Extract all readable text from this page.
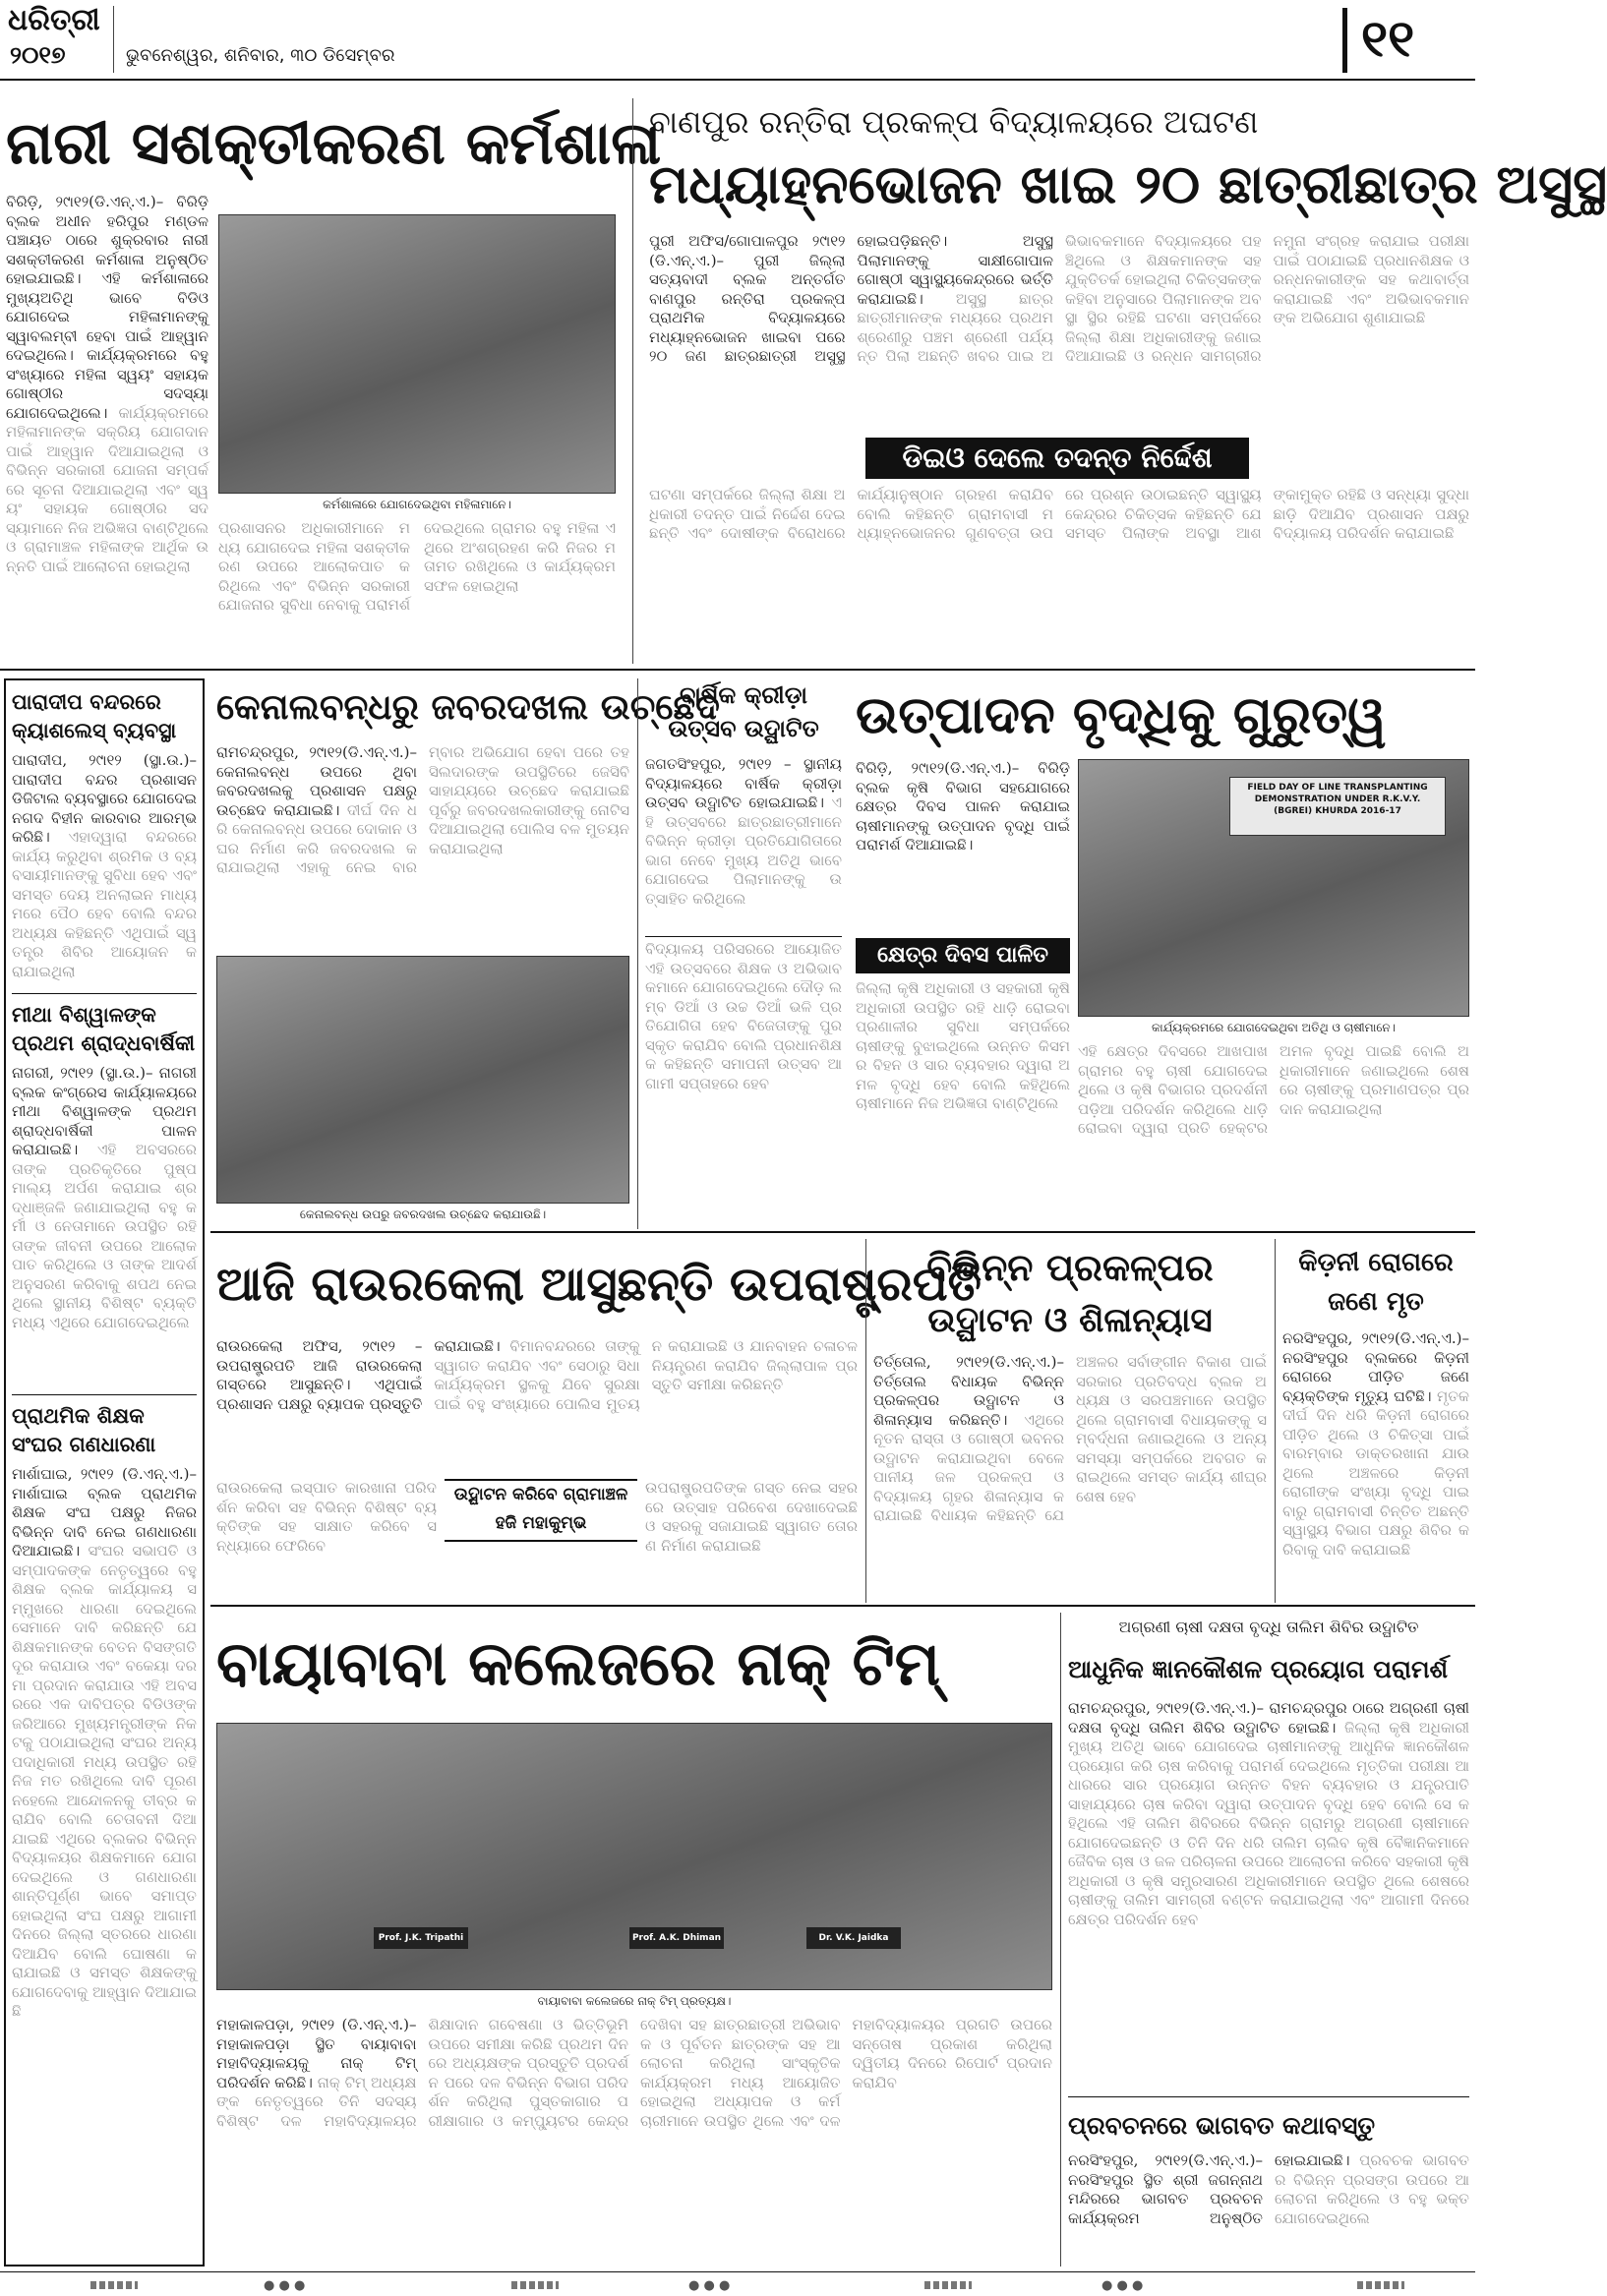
ଧରିତ୍ରୀ
୨୦୧୭	ଭୁବନେଶ୍ୱର, ଶନିବାର, ୩୦ ଡିସେମ୍ବର	୧୧
ନାରୀ ସଶକ୍ତୀକରଣ କର୍ମଶାଳା
ବିରିଡ଼ି, ୨୯ା୧୨(ଡି.ଏନ୍.ଏ.)– ବିରିଡ଼ି ବ୍ଲକ ଅଧୀନ ହରିପୁର ମଣ୍ଡଳ ପଞ୍ଚାୟତ ଠାରେ ଶୁକ୍ରବାର ନାରୀ ସଶକ୍ତୀକରଣ କର୍ମଶାଳା ଅନୁଷ୍ଠିତ ହୋଇଯାଇଛି। ଏହି କର୍ମଶାଳାରେ ମୁଖ୍ୟଅତିଥି ଭାବେ ବିଡିଓ ଯୋଗଦେଇ ମହିଳାମାନଙ୍କୁ ସ୍ୱାବଲମ୍ବୀ ହେବା ପାଇଁ ଆହ୍ୱାନ ଦେଇଥିଲେ। କାର୍ଯ୍ୟକ୍ରମରେ ବହୁ ସଂଖ୍ୟାରେ ମହିଳା ସ୍ୱୟଂ ସହାୟକ ଗୋଷ୍ଠୀର ସଦସ୍ୟା ଯୋଗଦେଇଥିଲେ। କାର୍ଯ୍ୟକ୍ରମରେ ମହିଳାମାନଙ୍କ ସକ୍ରିୟ ଯୋଗଦାନ ପାଇଁ ଆହ୍ୱାନ ଦିଆଯାଇଥିଲା ଓ ବିଭିନ୍ନ ସରକାରୀ ଯୋଜନା ସମ୍ପର୍କରେ ସୂଚନା ଦିଆଯାଇଥିଲା ଏବଂ ସ୍ୱୟଂ ସହାୟକ ଗୋଷ୍ଠୀର ସଦସ୍ୟାମାନେ ନିଜ ଅଭିଜ୍ଞତା ବାଣ୍ଟିଥିଲେ ଓ ଗ୍ରାମାଞ୍ଚଳ ମହିଳାଙ୍କ ଆର୍ଥିକ ଉନ୍ନତି ପାଇଁ ଆଲୋଚନା ହୋଇଥିଲା
କର୍ମଶାଳାରେ ଯୋଗଦେଇଥିବା ମହିଳାମାନେ।
ପ୍ରଶାସନର ଅଧିକାରୀମାନେ ମଧ୍ୟ ଯୋଗଦେଇ ମହିଳା ସଶକ୍ତୀକରଣ ଉପରେ ଆଲୋକପାତ କରିଥିଲେ ଏବଂ ବିଭିନ୍ନ ସରକାରୀ ଯୋଜନାର ସୁବିଧା ନେବାକୁ ପରାମର୍ଶ ଦେଇଥିଲେ ଗ୍ରାମର ବହୁ ମହିଳା ଏଥିରେ ଅଂଶଗ୍ରହଣ କରି ନିଜର ମତାମତ ରଖିଥିଲେ ଓ କାର୍ଯ୍ୟକ୍ରମ ସଫଳ ହୋଇଥିଲା
ବାଣପୁର ରନ୍ତିରା ପ୍ରକଳ୍ପ ବିଦ୍ୟାଳୟରେ ଅଘଟଣ
ମଧ୍ୟାହ୍ନଭୋଜନ ଖାଇ ୨୦ ଛାତ୍ରୀଛାତ୍ର ଅସୁସ୍ଥ
ପୁରୀ ଅଫିସ/ଗୋପାଳପୁର ୨୯ା୧୨ (ଡି.ଏନ୍.ଏ.)– ପୁରୀ ଜିଲ୍ଲା ସତ୍ୟବାଦୀ ବ୍ଲକ ଅନ୍ତର୍ଗତ ବାଣପୁର ରନ୍ତିରା ପ୍ରକଳ୍ପ ପ୍ରାଥମିକ ବିଦ୍ୟାଳୟରେ ମଧ୍ୟାହ୍ନଭୋଜନ ଖାଇବା ପରେ ୨୦ ଜଣ ଛାତ୍ରଛାତ୍ରୀ ଅସୁସ୍ଥ ହୋଇପଡ଼ିଛନ୍ତି। ଅସୁସ୍ଥ ପିଲାମାନଙ୍କୁ ସାକ୍ଷୀଗୋପାଳ ଗୋଷ୍ଠୀ ସ୍ୱାସ୍ଥ୍ୟକେନ୍ଦ୍ରରେ ଭର୍ତ୍ତି କରାଯାଇଛି। ଅସୁସ୍ଥ ଛାତ୍ରଛାତ୍ରୀମାନଙ୍କ ମଧ୍ୟରେ ପ୍ରଥମ ଶ୍ରେଣୀରୁ ପଞ୍ଚମ ଶ୍ରେଣୀ ପର୍ଯ୍ୟନ୍ତ ପିଲା ଅଛନ୍ତି ଖବର ପାଇ ଅଭିଭାବକମାନେ ବିଦ୍ୟାଳୟରେ ପହଞ୍ଚିଥିଲେ ଓ ଶିକ୍ଷକମାନଙ୍କ ସହ ଯୁକ୍ତିତର୍କ ହୋଇଥିଲା ଚିକିତ୍ସକଙ୍କ କହିବା ଅନୁସାରେ ପିଲାମାନଙ୍କ ଅବସ୍ଥା ସ୍ଥିର ରହିଛି ଘଟଣା ସମ୍ପର୍କରେ ଜିଲ୍ଲା ଶିକ୍ଷା ଅଧିକାରୀଙ୍କୁ ଜଣାଇଦିଆଯାଇଛି ଓ ରନ୍ଧନ ସାମଗ୍ରୀର ନମୁନା ସଂଗ୍ରହ କରାଯାଇ ପରୀକ୍ଷା ପାଇଁ ପଠାଯାଇଛି ପ୍ରଧାନଶିକ୍ଷକ ଓ ରନ୍ଧନକାରୀଙ୍କ ସହ କଥାବାର୍ତ୍ତା କରାଯାଇଛି ଏବଂ ଅଭିଭାବକମାନଙ୍କ ଅଭିଯୋଗ ଶୁଣାଯାଇଛି
ଡିଇଓ ଦେଲେ ତଦନ୍ତ ନିର୍ଦ୍ଦେଶ
ଘଟଣା ସମ୍ପର୍କରେ ଜିଲ୍ଲା ଶିକ୍ଷା ଅଧିକାରୀ ତଦନ୍ତ ପାଇଁ ନିର୍ଦ୍ଦେଶ ଦେଇଛନ୍ତି ଏବଂ ଦୋଷୀଙ୍କ ବିରୋଧରେ କାର୍ଯ୍ୟାନୁଷ୍ଠାନ ଗ୍ରହଣ କରାଯିବ ବୋଲି କହିଛନ୍ତି ଗ୍ରାମବାସୀ ମଧ୍ୟାହ୍ନଭୋଜନର ଗୁଣବତ୍ତା ଉପରେ ପ୍ରଶ୍ନ ଉଠାଇଛନ୍ତି ସ୍ୱାସ୍ଥ୍ୟ କେନ୍ଦ୍ରର ଚିକିତ୍ସକ କହିଛନ୍ତି ଯେ ସମସ୍ତ ପିଲାଙ୍କ ଅବସ୍ଥା ଆଶଙ୍କାମୁକ୍ତ ରହିଛି ଓ ସନ୍ଧ୍ୟା ସୁଦ୍ଧା ଛାଡ଼ି ଦିଆଯିବ ପ୍ରଶାସନ ପକ୍ଷରୁ ବିଦ୍ୟାଳୟ ପରିଦର୍ଶନ କରାଯାଇଛି
ପାରାଦୀପ ବନ୍ଦରରେ କ୍ୟାଶଲେସ୍ ବ୍ୟବସ୍ଥା
ପାରାଦୀପ, ୨୯ା୧୨ (ସ୍ଥା.ଉ.)– ପାରାଦୀପ ବନ୍ଦର ପ୍ରଶାସନ ଡିଜିଟାଲ ବ୍ୟବସ୍ଥାରେ ଯୋଗଦେଇ ନଗଦ ବିହୀନ କାରବାର ଆରମ୍ଭ କରିଛି। ଏହାଦ୍ୱାରା ବନ୍ଦରରେ କାର୍ଯ୍ୟ କରୁଥିବା ଶ୍ରମିକ ଓ ବ୍ୟବସାୟୀମାନଙ୍କୁ ସୁବିଧା ହେବ ଏବଂ ସମସ୍ତ ଦେୟ ଅନଲାଇନ ମାଧ୍ୟମରେ ପୈଠ ହେବ ବୋଲି ବନ୍ଦର ଅଧ୍ୟକ୍ଷ କହିଛନ୍ତି ଏଥିପାଇଁ ସ୍ୱତନ୍ତ୍ର ଶିବିର ଆୟୋଜନ କରାଯାଇଥିଲା
ମୀଥା ବିଶ୍ୱାଳଙ୍କ ପ୍ରଥମ ଶ୍ରାଦ୍ଧବାର୍ଷିକୀ
ନାଗରୀ, ୨୯ା୧୨ (ସ୍ଥା.ଉ.)– ନାଗରୀ ବ୍ଲକ କଂଗ୍ରେସ କାର୍ଯ୍ୟାଳୟରେ ମୀଥା ବିଶ୍ୱାଳଙ୍କ ପ୍ରଥମ ଶ୍ରାଦ୍ଧବାର୍ଷିକୀ ପାଳନ କରାଯାଇଛି। ଏହି ଅବସରରେ ତାଙ୍କ ପ୍ରତିକୃତିରେ ପୁଷ୍ପମାଲ୍ୟ ଅର୍ପଣ କରାଯାଇ ଶ୍ରଦ୍ଧାଞ୍ଜଳି ଜଣାଯାଇଥିଲା ବହୁ କର୍ମୀ ଓ ନେତାମାନେ ଉପସ୍ଥିତ ରହି ତାଙ୍କ ଜୀବନୀ ଉପରେ ଆଲୋକପାତ କରିଥିଲେ ଓ ତାଙ୍କ ଆଦର୍ଶ ଅନୁସରଣ କରିବାକୁ ଶପଥ ନେଇଥିଲେ ସ୍ଥାନୀୟ ବିଶିଷ୍ଟ ବ୍ୟକ୍ତି ମଧ୍ୟ ଏଥିରେ ଯୋଗଦେଇଥିଲେ
ପ୍ରାଥମିକ ଶିକ୍ଷକ ସଂଘର ଗଣଧାରଣା
ମାର୍ଶାଘାଇ, ୨୯ା୧୨ (ଡି.ଏନ୍.ଏ.)– ମାର୍ଶାଘାଇ ବ୍ଲକ ପ୍ରାଥମିକ ଶିକ୍ଷକ ସଂଘ ପକ୍ଷରୁ ନିଜର ବିଭିନ୍ନ ଦାବି ନେଇ ଗଣଧାରଣା ଦିଆଯାଇଛି। ସଂଘର ସଭାପତି ଓ ସମ୍ପାଦକଙ୍କ ନେତୃତ୍ୱରେ ବହୁ ଶିକ୍ଷକ ବ୍ଲକ କାର୍ଯ୍ୟାଳୟ ସମ୍ମୁଖରେ ଧାରଣା ଦେଇଥିଲେ ସେମାନେ ଦାବି କରିଛନ୍ତି ଯେ ଶିକ୍ଷକମାନଙ୍କ ବେତନ ବିସଙ୍ଗତି ଦୂର କରାଯାଉ ଏବଂ ବକେୟା ଦରମା ପ୍ରଦାନ କରାଯାଉ ଏହି ଅବସରରେ ଏକ ଦାବିପତ୍ର ବିଡିଓଙ୍କ ଜରିଆରେ ମୁଖ୍ୟମନ୍ତ୍ରୀଙ୍କ ନିକଟକୁ ପଠାଯାଇଥିଲା ସଂଘର ଅନ୍ୟ ପଦାଧିକାରୀ ମଧ୍ୟ ଉପସ୍ଥିତ ରହି ନିଜ ମତ ରଖିଥିଲେ ଦାବି ପୂରଣ ନହେଲେ ଆନ୍ଦୋଳନକୁ ତୀବ୍ର କରାଯିବ ବୋଲି ଚେତାବନୀ ଦିଆଯାଇଛି ଏଥିରେ ବ୍ଲକର ବିଭିନ୍ନ ବିଦ୍ୟାଳୟର ଶିକ୍ଷକମାନେ ଯୋଗଦେଇଥିଲେ ଓ ଗଣଧାରଣା ଶାନ୍ତିପୂର୍ଣ୍ଣ ଭାବେ ସମାପ୍ତ ହୋଇଥିଲା ସଂଘ ପକ୍ଷରୁ ଆଗାମୀ ଦିନରେ ଜିଲ୍ଲା ସ୍ତରରେ ଧାରଣା ଦିଆଯିବ ବୋଲି ଘୋଷଣା କରାଯାଇଛି ଓ ସମସ୍ତ ଶିକ୍ଷକଙ୍କୁ ଯୋଗଦେବାକୁ ଆହ୍ୱାନ ଦିଆଯାଇଛି
କେନାଲବନ୍ଧରୁ ଜବରଦଖଲ ଉଚ୍ଛେଦ
ରାମଚନ୍ଦ୍ରପୁର, ୨୯ା୧୨(ଡି.ଏନ୍.ଏ.)– କେନାଲବନ୍ଧ ଉପରେ ଥିବା ଜବରଦଖଲକୁ ପ୍ରଶାସନ ପକ୍ଷରୁ ଉଚ୍ଛେଦ କରାଯାଇଛି। ଦୀର୍ଘ ଦିନ ଧରି କେନାଲବନ୍ଧ ଉପରେ ଦୋକାନ ଓ ଘର ନିର୍ମାଣ କରି ଜବରଦଖଲ କରାଯାଇଥିଲା ଏହାକୁ ନେଇ ବାରମ୍ବାର ଅଭିଯୋଗ ହେବା ପରେ ତହସିଲଦାରଙ୍କ ଉପସ୍ଥିତିରେ ଜେସିବି ସାହାଯ୍ୟରେ ଉଚ୍ଛେଦ କରାଯାଇଛି ପୂର୍ବରୁ ଜବରଦଖଲକାରୀଙ୍କୁ ନୋଟିସ ଦିଆଯାଇଥିଲା ପୋଲିସ ବଳ ମୁତୟନ କରାଯାଇଥିଲା
କେନାଲବନ୍ଧ ଉପରୁ ଜବରଦଖଲ ଉଚ୍ଛେଦ କରାଯାଉଛି।
ବାର୍ଷିକ କ୍ରୀଡ଼ା ଉତ୍ସବ ଉଦ୍ଘାଟିତ
ଜଗତସିଂହପୁର, ୨୯ା୧୨ – ସ୍ଥାନୀୟ ବିଦ୍ୟାଳୟରେ ବାର୍ଷିକ କ୍ରୀଡ଼ା ଉତ୍ସବ ଉଦ୍ଘାଟିତ ହୋଇଯାଇଛି। ଏହି ଉତ୍ସବରେ ଛାତ୍ରଛାତ୍ରୀମାନେ ବିଭିନ୍ନ କ୍ରୀଡ଼ା ପ୍ରତିଯୋଗିତାରେ ଭାଗ ନେବେ ମୁଖ୍ୟ ଅତିଥି ଭାବେ ଯୋଗଦେଇ ପିଲାମାନଙ୍କୁ ଉତ୍ସାହିତ କରିଥିଲେ
ବିଦ୍ୟାଳୟ ପରିସରରେ ଆୟୋଜିତ ଏହି ଉତ୍ସବରେ ଶିକ୍ଷକ ଓ ଅଭିଭାବକମାନେ ଯୋଗଦେଇଥିଲେ ଦୌଡ଼ ଲମ୍ବ ଡିଆଁ ଓ ଉଚ୍ଚ ଡିଆଁ ଭଳି ପ୍ରତିଯୋଗିତା ହେବ ବିଜେତାଙ୍କୁ ପୁରସ୍କୃତ କରାଯିବ ବୋଲି ପ୍ରଧାନଶିକ୍ଷକ କହିଛନ୍ତି ସମାପନୀ ଉତ୍ସବ ଆଗାମୀ ସପ୍ତାହରେ ହେବ
ଉତ୍ପାଦନ ବୃଦ୍ଧିକୁ ଗୁରୁତ୍ୱ
ବିରିଡ଼ି, ୨୯ା୧୨(ଡି.ଏନ୍.ଏ.)– ବିରିଡ଼ି ବ୍ଲକ କୃଷି ବିଭାଗ ସହଯୋଗରେ କ୍ଷେତ୍ର ଦିବସ ପାଳନ କରାଯାଇ ଚାଷୀମାନଙ୍କୁ ଉତ୍ପାଦନ ବୃଦ୍ଧି ପାଇଁ ପରାମର୍ଶ ଦିଆଯାଇଛି।
କ୍ଷେତ୍ର ଦିବସ ପାଳିତ
ଜିଲ୍ଲା କୃଷି ଅଧିକାରୀ ଓ ସହକାରୀ କୃଷି ଅଧିକାରୀ ଉପସ୍ଥିତ ରହି ଧାଡ଼ି ରୋଇବା ପ୍ରଣାଳୀର ସୁବିଧା ସମ୍ପର୍କରେ ଚାଷୀଙ୍କୁ ବୁଝାଇଥିଲେ ଉନ୍ନତ କିସମର ବିହନ ଓ ସାର ବ୍ୟବହାର ଦ୍ୱାରା ଅମଳ ବୃଦ୍ଧି ହେବ ବୋଲି କହିଥିଲେ ଚାଷୀମାନେ ନିଜ ଅଭିଜ୍ଞତା ବାଣ୍ଟିଥିଲେ
FIELD DAY OF LINE TRANSPLANTING DEMONSTRATION UNDER R.K.V.Y. (BGREI) KHURDA 2016-17
କାର୍ଯ୍ୟକ୍ରମରେ ଯୋଗଦେଇଥିବା ଅତିଥି ଓ ଚାଷୀମାନେ।
ଏହି କ୍ଷେତ୍ର ଦିବସରେ ଆଖପାଖ ଗ୍ରାମର ବହୁ ଚାଷୀ ଯୋଗଦେଇଥିଲେ ଓ କୃଷି ବିଭାଗର ପ୍ରଦର୍ଶନୀ ପଡ଼ିଆ ପରିଦର୍ଶନ କରିଥିଲେ ଧାଡ଼ି ରୋଇବା ଦ୍ୱାରା ପ୍ରତି ହେକ୍ଟର ଅମଳ ବୃଦ୍ଧି ପାଇଛି ବୋଲି ଅଧିକାରୀମାନେ ଜଣାଇଥିଲେ ଶେଷରେ ଚାଷୀଙ୍କୁ ପ୍ରମାଣପତ୍ର ପ୍ରଦାନ କରାଯାଇଥିଲା
ଆଜି ରାଉରକେଲା ଆସୁଛନ୍ତି ଉପରାଷ୍ଟ୍ରପତି
ରାଉରକେଲା ଅଫିସ, ୨୯ା୧୨ – ଉପରାଷ୍ଟ୍ରପତି ଆଜି ରାଉରକେଲା ଗସ୍ତରେ ଆସୁଛନ୍ତି। ଏଥିପାଇଁ ପ୍ରଶାସନ ପକ୍ଷରୁ ବ୍ୟାପକ ପ୍ରସ୍ତୁତି କରାଯାଇଛି। ବିମାନବନ୍ଦରରେ ତାଙ୍କୁ ସ୍ୱାଗତ କରାଯିବ ଏବଂ ସେଠାରୁ ସିଧା କାର୍ଯ୍ୟକ୍ରମ ସ୍ଥଳକୁ ଯିବେ ସୁରକ୍ଷା ପାଇଁ ବହୁ ସଂଖ୍ୟାରେ ପୋଲିସ ମୁତୟନ କରାଯାଇଛି ଓ ଯାନବାହନ ଚଳାଚଳ ନିୟନ୍ତ୍ରଣ କରାଯିବ ଜିଲ୍ଲାପାଳ ପ୍ରସ୍ତୁତି ସମୀକ୍ଷା କରିଛନ୍ତି
ଉଦ୍ଘାଟନ କରିବେ ଗ୍ରାମାଞ୍ଚଳ ହଜି ମହାକୁମ୍ଭ
ରାଉରକେଲା ଇସ୍ପାତ କାରଖାନା ପରିଦର୍ଶନ କରିବା ସହ ବିଭିନ୍ନ ବିଶିଷ୍ଟ ବ୍ୟକ୍ତିଙ୍କ ସହ ସାକ୍ଷାତ କରିବେ ସନ୍ଧ୍ୟାରେ ଫେରିବେ
ଉପରାଷ୍ଟ୍ରପତିଙ୍କ ଗସ୍ତ ନେଇ ସହରରେ ଉତ୍ସାହ ପରିବେଶ ଦେଖାଦେଇଛି ଓ ସହରକୁ ସଜାଯାଇଛି ସ୍ୱାଗତ ତୋରଣ ନିର୍ମାଣ କରାଯାଇଛି
ବିଭିନ୍ନ ପ୍ରକଳ୍ପର
ଉଦ୍ଘାଟନ ଓ ଶିଳାନ୍ୟାସ
ତିର୍ତ୍ତୋଲ, ୨୯ା୧୨(ଡି.ଏନ୍.ଏ.)– ତିର୍ତ୍ତୋଲ ବିଧାୟକ ବିଭିନ୍ନ ପ୍ରକଳ୍ପର ଉଦ୍ଘାଟନ ଓ ଶିଳାନ୍ୟାସ କରିଛନ୍ତି। ଏଥିରେ ନୂତନ ରାସ୍ତା ଓ ଗୋଷ୍ଠୀ ଭବନର ଉଦ୍ଘାଟନ କରାଯାଇଥିବା ବେଳେ ପାନୀୟ ଜଳ ପ୍ରକଳ୍ପ ଓ ବିଦ୍ୟାଳୟ ଗୃହର ଶିଳାନ୍ୟାସ କରାଯାଇଛି ବିଧାୟକ କହିଛନ୍ତି ଯେ ଅଞ୍ଚଳର ସର୍ବାଙ୍ଗୀନ ବିକାଶ ପାଇଁ ସରକାର ପ୍ରତିବଦ୍ଧ ବ୍ଲକ ଅଧ୍ୟକ୍ଷ ଓ ସରପଞ୍ଚମାନେ ଉପସ୍ଥିତ ଥିଲେ ଗ୍ରାମବାସୀ ବିଧାୟକଙ୍କୁ ସମ୍ବର୍ଦ୍ଧନା ଜଣାଇଥିଲେ ଓ ଅନ୍ୟ ସମସ୍ୟା ସମ୍ପର୍କରେ ଅବଗତ କରାଇଥିଲେ ସମସ୍ତ କାର୍ଯ୍ୟ ଶୀଘ୍ର ଶେଷ ହେବ
କିଡ଼ନୀ ରୋଗରେ
ଜଣେ ମୃତ
ନରସିଂହପୁର, ୨୯ା୧୨(ଡି.ଏନ୍.ଏ.)– ନରସିଂହପୁର ବ୍ଲକରେ କିଡ଼ନୀ ରୋଗରେ ପୀଡ଼ିତ ଜଣେ ବ୍ୟକ୍ତିଙ୍କ ମୃତ୍ୟୁ ଘଟିଛି। ମୃତକ ଦୀର୍ଘ ଦିନ ଧରି କିଡ଼ନୀ ରୋଗରେ ପୀଡ଼ିତ ଥିଲେ ଓ ଚିକିତ୍ସା ପାଇଁ ବାରମ୍ବାର ଡାକ୍ତରଖାନା ଯାଉଥିଲେ ଅଞ୍ଚଳରେ କିଡ଼ନୀ ରୋଗୀଙ୍କ ସଂଖ୍ୟା ବୃଦ୍ଧି ପାଇବାରୁ ଗ୍ରାମବାସୀ ଚିନ୍ତିତ ଅଛନ୍ତି ସ୍ୱାସ୍ଥ୍ୟ ବିଭାଗ ପକ୍ଷରୁ ଶିବିର କରିବାକୁ ଦାବି କରାଯାଇଛି
ବାୟାବାବା କଲେଜରେ ନାକ୍ ଟିମ୍
Prof. J.K. Tripathi	Prof. A.K. Dhiman	Dr. V.K. Jaidka
ବାୟାବାବା କଲେଜରେ ନାକ୍ ଟିମ୍ ପ୍ରତ୍ୟକ୍ଷ।
ମହାକାଳପଡ଼ା, ୨୯ା୧୨ (ଡି.ଏନ୍.ଏ.)– ମହାକାଳପଡ଼ା ସ୍ଥିତ ବାୟାବାବା ମହାବିଦ୍ୟାଳୟକୁ ନାକ୍ ଟିମ୍ ପରିଦର୍ଶନ କରିଛି। ନାକ୍ ଟିମ୍ ଅଧ୍ୟକ୍ଷଙ୍କ ନେତୃତ୍ୱରେ ତିନି ସଦସ୍ୟ ବିଶିଷ୍ଟ ଦଳ ମହାବିଦ୍ୟାଳୟର ଶିକ୍ଷାଦାନ ଗବେଷଣା ଓ ଭିତ୍ତିଭୂମି ଉପରେ ସମୀକ୍ଷା କରିଛି ପ୍ରଥମ ଦିନରେ ଅଧ୍ୟକ୍ଷଙ୍କ ପ୍ରସ୍ତୁତି ପ୍ରଦର୍ଶନ ପରେ ଦଳ ବିଭିନ୍ନ ବିଭାଗ ପରିଦର୍ଶନ କରିଥିଲା ପୁସ୍ତକାଗାର ପରୀକ୍ଷାଗାର ଓ କମ୍ପ୍ୟୁଟର କେନ୍ଦ୍ର ଦେଖିବା ସହ ଛାତ୍ରଛାତ୍ରୀ ଅଭିଭାବକ ଓ ପୂର୍ବତନ ଛାତ୍ରଙ୍କ ସହ ଆଲୋଚନା କରିଥିଲା ସାଂସ୍କୃତିକ କାର୍ଯ୍ୟକ୍ରମ ମଧ୍ୟ ଆୟୋଜିତ ହୋଇଥିଲା ଅଧ୍ୟାପକ ଓ କର୍ମଚାରୀମାନେ ଉପସ୍ଥିତ ଥିଲେ ଏବଂ ଦଳ ମହାବିଦ୍ୟାଳୟର ପ୍ରଗତି ଉପରେ ସନ୍ତୋଷ ପ୍ରକାଶ କରିଥିଲା ଦ୍ୱିତୀୟ ଦିନରେ ରିପୋର୍ଟ ପ୍ରଦାନ କରାଯିବ
ଅଗ୍ରଣୀ ଚାଷୀ ଦକ୍ଷତା ବୃଦ୍ଧି ତାଲିମ ଶିବିର ଉଦ୍ଘାଟିତ
ଆଧୁନିକ ଜ୍ଞାନକୌଶଳ ପ୍ରୟୋଗ ପରାମର୍ଶ
ରାମଚନ୍ଦ୍ରପୁର, ୨୯ା୧୨(ଡି.ଏନ୍.ଏ.)– ରାମଚନ୍ଦ୍ରପୁର ଠାରେ ଅଗ୍ରଣୀ ଚାଷୀ ଦକ୍ଷତା ବୃଦ୍ଧି ତାଲିମ ଶିବିର ଉଦ୍ଘାଟିତ ହୋଇଛି। ଜିଲ୍ଲା କୃଷି ଅଧିକାରୀ ମୁଖ୍ୟ ଅତିଥି ଭାବେ ଯୋଗଦେଇ ଚାଷୀମାନଙ୍କୁ ଆଧୁନିକ ଜ୍ଞାନକୌଶଳ ପ୍ରୟୋଗ କରି ଚାଷ କରିବାକୁ ପରାମର୍ଶ ଦେଇଥିଲେ ମୃତ୍ତିକା ପରୀକ୍ଷା ଆଧାରରେ ସାର ପ୍ରୟୋଗ ଉନ୍ନତ ବିହନ ବ୍ୟବହାର ଓ ଯନ୍ତ୍ରପାତି ସାହାଯ୍ୟରେ ଚାଷ କରିବା ଦ୍ୱାରା ଉତ୍ପାଦନ ବୃଦ୍ଧି ହେବ ବୋଲି ସେ କହିଥିଲେ ଏହି ତାଲିମ ଶିବିରରେ ବିଭିନ୍ନ ଗ୍ରାମରୁ ଅଗ୍ରଣୀ ଚାଷୀମାନେ ଯୋଗଦେଇଛନ୍ତି ଓ ତିନି ଦିନ ଧରି ତାଲିମ ଚାଲିବ କୃଷି ବୈଜ୍ଞାନିକମାନେ ଜୈବିକ ଚାଷ ଓ ଜଳ ପରିଚାଳନା ଉପରେ ଆଲୋଚନା କରିବେ ସହକାରୀ କୃଷି ଅଧିକାରୀ ଓ କୃଷି ସମ୍ପ୍ରସାରଣ ଅଧିକାରୀମାନେ ଉପସ୍ଥିତ ଥିଲେ ଶେଷରେ ଚାଷୀଙ୍କୁ ତାଲିମ ସାମଗ୍ରୀ ବଣ୍ଟନ କରାଯାଇଥିଲା ଏବଂ ଆଗାମୀ ଦିନରେ କ୍ଷେତ୍ର ପରିଦର୍ଶନ ହେବ
ପ୍ରବଚନରେ ଭାଗବତ କଥାବସ୍ତୁ
ନରସିଂହପୁର, ୨୯ା୧୨(ଡି.ଏନ୍.ଏ.)– ନରସିଂହପୁର ସ୍ଥିତ ଶ୍ରୀ ଜଗନ୍ନାଥ ମନ୍ଦିରରେ ଭାଗବତ ପ୍ରବଚନ କାର୍ଯ୍ୟକ୍ରମ ଅନୁଷ୍ଠିତ ହୋଇଯାଇଛି। ପ୍ରବଚକ ଭାଗବତର ବିଭିନ୍ନ ପ୍ରସଙ୍ଗ ଉପରେ ଆଲୋଚନା କରିଥିଲେ ଓ ବହୁ ଭକ୍ତ ଯୋଗଦେଇଥିଲେ
● ● ●	● ● ●	● ● ●
